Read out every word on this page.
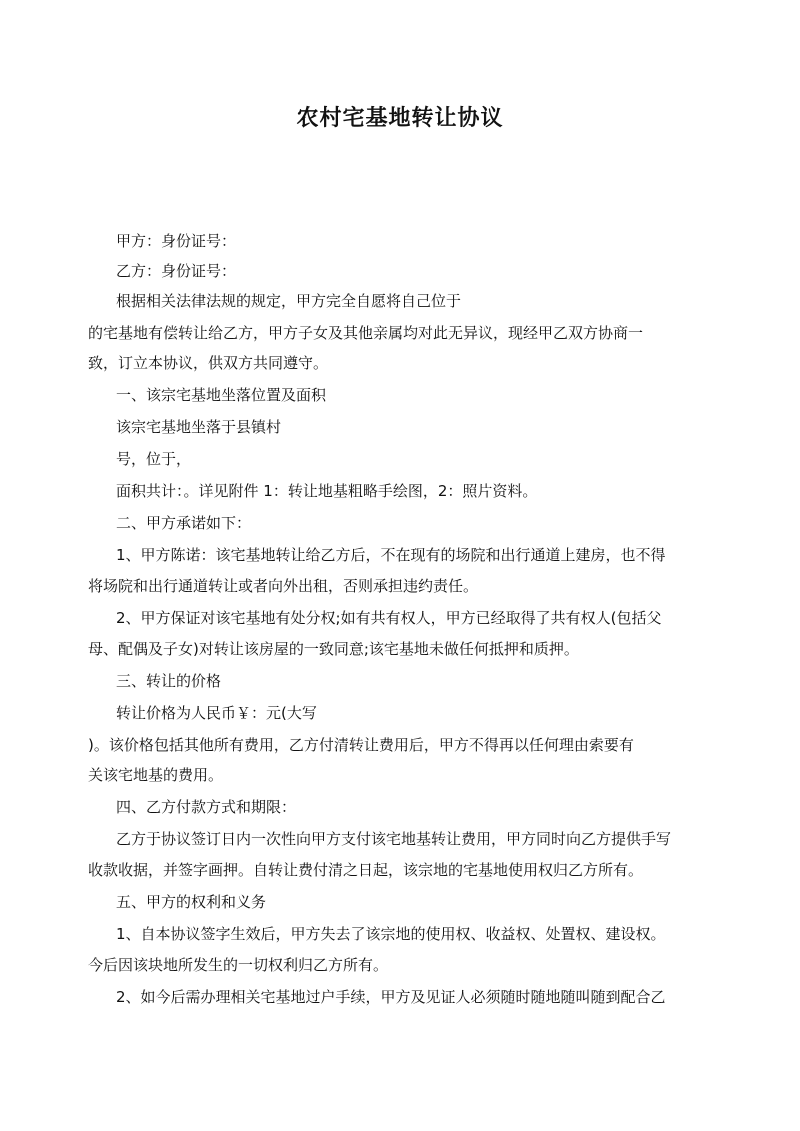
农村宅基地转让协议
甲方：身份证号：
乙方：身份证号：
根据相关法律法规的规定，甲方完全自愿将自己位于
的宅基地有偿转让给乙方，甲方子女及其他亲属均对此无异议，现经甲乙双方协商一
致，订立本协议，供双方共同遵守。
一、该宗宅基地坐落位置及面积
该宗宅基地坐落于县镇村
号，位于，
面积共计：。详见附件 1：转让地基粗略手绘图，2：照片资料。
二、甲方承诺如下：
1、甲方陈诺：该宅基地转让给乙方后，不在现有的场院和出行通道上建房，也不得
将场院和出行通道转让或者向外出租，否则承担违约责任。
2、甲方保证对该宅基地有处分权;如有共有权人，甲方已经取得了共有权人(包括父
母、配偶及子女)对转让该房屋的一致同意;该宅基地未做任何抵押和质押。
三、转让的价格
转让价格为人民币￥：元(大写
)。该价格包括其他所有费用，乙方付清转让费用后，甲方不得再以任何理由索要有
关该宅地基的费用。
四、乙方付款方式和期限：
乙方于协议签订日内一次性向甲方支付该宅地基转让费用，甲方同时向乙方提供手写
收款收据，并签字画押。自转让费付清之日起，该宗地的宅基地使用权归乙方所有。
五、甲方的权利和义务
1、自本协议签字生效后，甲方失去了该宗地的使用权、收益权、处置权、建设权。
今后因该块地所发生的一切权利归乙方所有。
2、如今后需办理相关宅基地过户手续，甲方及见证人必须随时随地随叫随到配合乙
